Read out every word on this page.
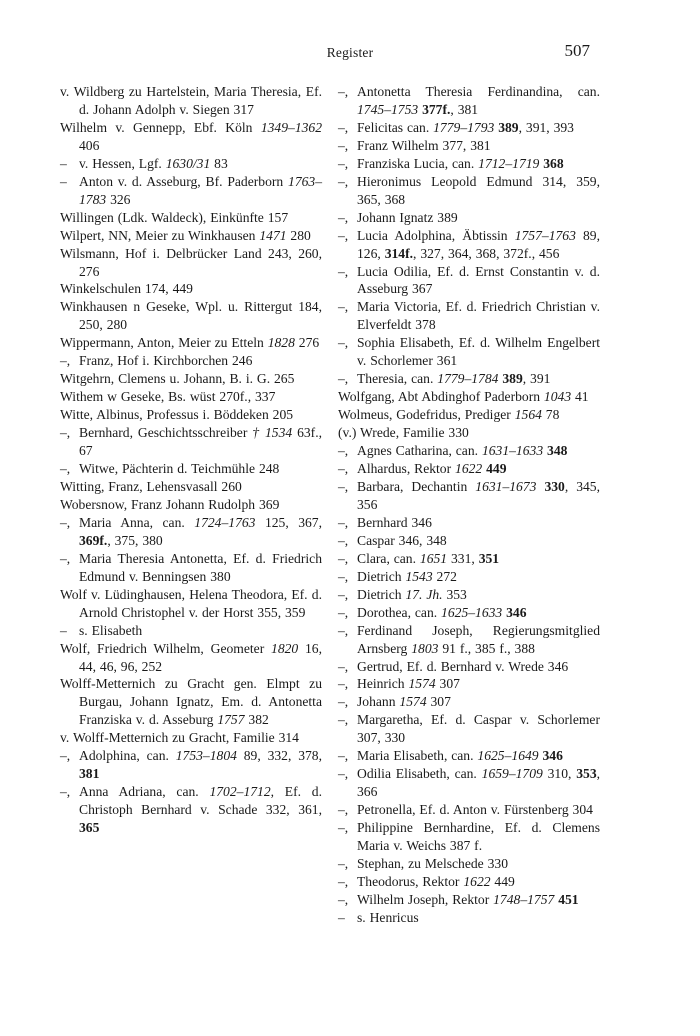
Register	507
v. Wildberg zu Hartelstein, Maria Theresia, Ef. d. Johann Adolph v. Siegen 317
Wilhelm v. Gennepp, Ebf. Köln 1349–1362 406
– v. Hessen, Lgf. 1630/31 83
– Anton v. d. Asseburg, Bf. Paderborn 1763–1783 326
Willingen (Ldk. Waldeck), Einkünfte 157
Wilpert, NN, Meier zu Winkhausen 1471 280
Wilsmann, Hof i. Delbrücker Land 243, 260, 276
Winkelschulen 174, 449
Winkhausen n Geseke, Wpl. u. Rittergut 184, 250, 280
Wippermann, Anton, Meier zu Etteln 1828 276
–, Franz, Hof i. Kirchborchen 246
Witgehrn, Clemens u. Johann, B. i. G. 265
Withem w Geseke, Bs. wüst 270f., 337
Witte, Albinus, Professus i. Böddeken 205
–, Bernhard, Geschichtsschreiber † 1534 63f., 67
–, Witwe, Pächterin d. Teichmühle 248
Witting, Franz, Lehensvasall 260
Wobersnow, Franz Johann Rudolph 369
–, Maria Anna, can. 1724–1763 125, 367, 369f., 375, 380
–, Maria Theresia Antonetta, Ef. d. Friedrich Edmund v. Benningsen 380
Wolf v. Lüdinghausen, Helena Theodora, Ef. d. Arnold Christophel v. der Horst 355, 359
– s. Elisabeth
Wolf, Friedrich Wilhelm, Geometer 1820 16, 44, 46, 96, 252
Wolff-Metternich zu Gracht gen. Elmpt zu Burgau, Johann Ignatz, Em. d. Antonetta Franziska v. d. Asseburg 1757 382
v. Wolff-Metternich zu Gracht, Familie 314
–, Adolphina, can. 1753–1804 89, 332, 378, 381
–, Anna Adriana, can. 1702–1712, Ef. d. Christoph Bernhard v. Schade 332, 361, 365
–, Antonetta Theresia Ferdinandina, can. 1745–1753 377f., 381
–, Felicitas can. 1779–1793 389, 391, 393
–, Franz Wilhelm 377, 381
–, Franziska Lucia, can. 1712–1719 368
–, Hieronimus Leopold Edmund 314, 359, 365, 368
–, Johann Ignatz 389
–, Lucia Adolphina, Äbtissin 1757–1763 89, 126, 314f., 327, 364, 368, 372f., 456
–, Lucia Odilia, Ef. d. Ernst Constantin v. d. Asseburg 367
–, Maria Victoria, Ef. d. Friedrich Christian v. Elverfeldt 378
–, Sophia Elisabeth, Ef. d. Wilhelm Engelbert v. Schorlemer 361
–, Theresia, can. 1779–1784 389, 391
Wolfgang, Abt Abdinghof Paderborn 1043 41
Wolmeus, Godefridus, Prediger 1564 78
(v.) Wrede, Familie 330
–, Agnes Catharina, can. 1631–1633 348
–, Alhardus, Rektor 1622 449
–, Barbara, Dechantin 1631–1673 330, 345, 356
–, Bernhard 346
–, Caspar 346, 348
–, Clara, can. 1651 331, 351
–, Dietrich 1543 272
–, Dietrich 17. Jh. 353
–, Dorothea, can. 1625–1633 346
–, Ferdinand Joseph, Regierungsmitglied Arnsberg 1803 91 f., 385 f., 388
–, Gertrud, Ef. d. Bernhard v. Wrede 346
–, Heinrich 1574 307
–, Johann 1574 307
–, Margaretha, Ef. d. Caspar v. Schorlemer 307, 330
–, Maria Elisabeth, can. 1625–1649 346
–, Odilia Elisabeth, can. 1659–1709 310, 353, 366
–, Petronella, Ef. d. Anton v. Fürstenberg 304
–, Philippine Bernhardine, Ef. d. Clemens Maria v. Weichs 387 f.
–, Stephan, zu Melschede 330
–, Theodorus, Rektor 1622 449
–, Wilhelm Joseph, Rektor 1748–1757 451
– s. Henricus
